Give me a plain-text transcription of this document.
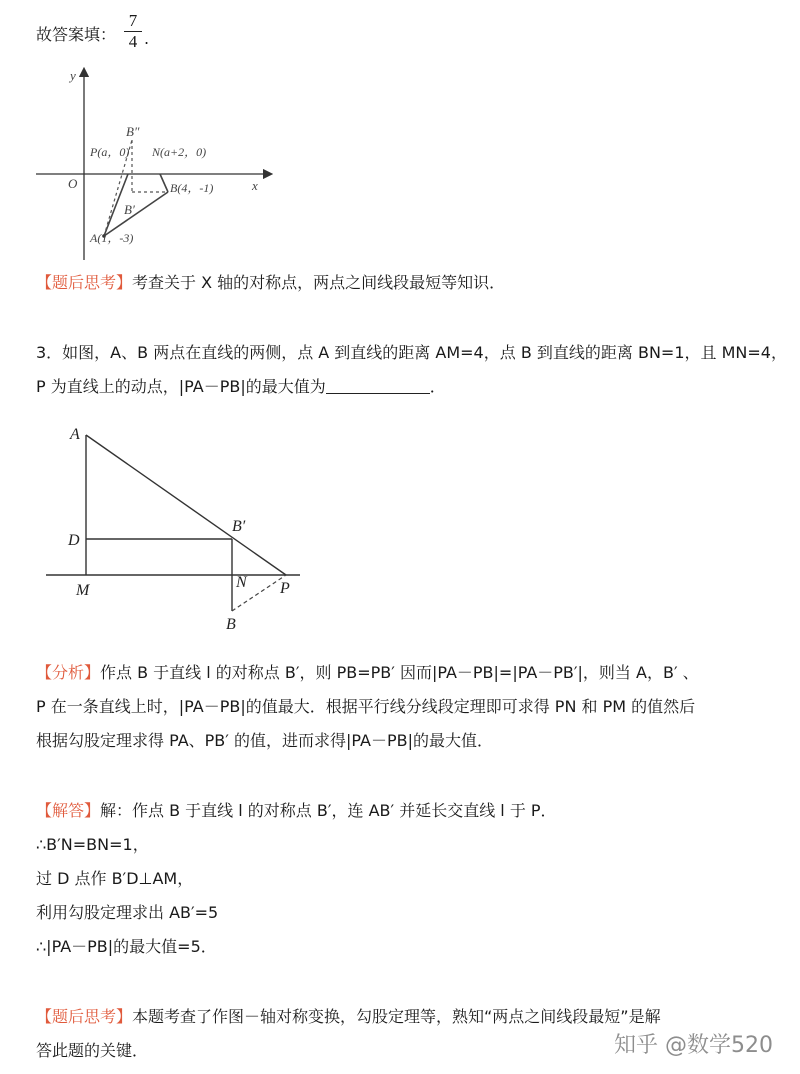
故答案填：
7
4 .
y
x
O
B″
P(a，0) N(a+2，0)
B(4，-1)
B′
A(1，-3)
【题后思考】考查关于 X 轴的对称点，两点之间线段最短等知识．
3．如图，A、B 两点在直线的两侧，点 A 到直线的距离 AM=4，点 B 到直线的距离 BN=1，且 MN=4，
P 为直线上的动点，|PA－PB|的最大值为	．
A
D
M
B′
N P
B
【分析】作点 B 于直线 l 的对称点 B′，则 PB=PB′ 因而|PA－PB|=|PA－PB′|，则当 A，B′ 、
P 在一条直线上时，|PA－PB|的值最大．根据平行线分线段定理即可求得 PN 和 PM 的值然后
根据勾股定理求得 PA、PB′ 的值，进而求得|PA－PB|的最大值．
【解答】解：作点 B 于直线 l 的对称点 B′，连 AB′ 并延长交直线 l 于 P．
∴B′N=BN=1，
过 D 点作 B′D⊥AM，
利用勾股定理求出 AB′=5
∴|PA－PB|的最大值=5．
【题后思考】本题考查了作图－轴对称变换，勾股定理等，熟知“两点之间线段最短”是解
答此题的关键．	知乎 @数学520
